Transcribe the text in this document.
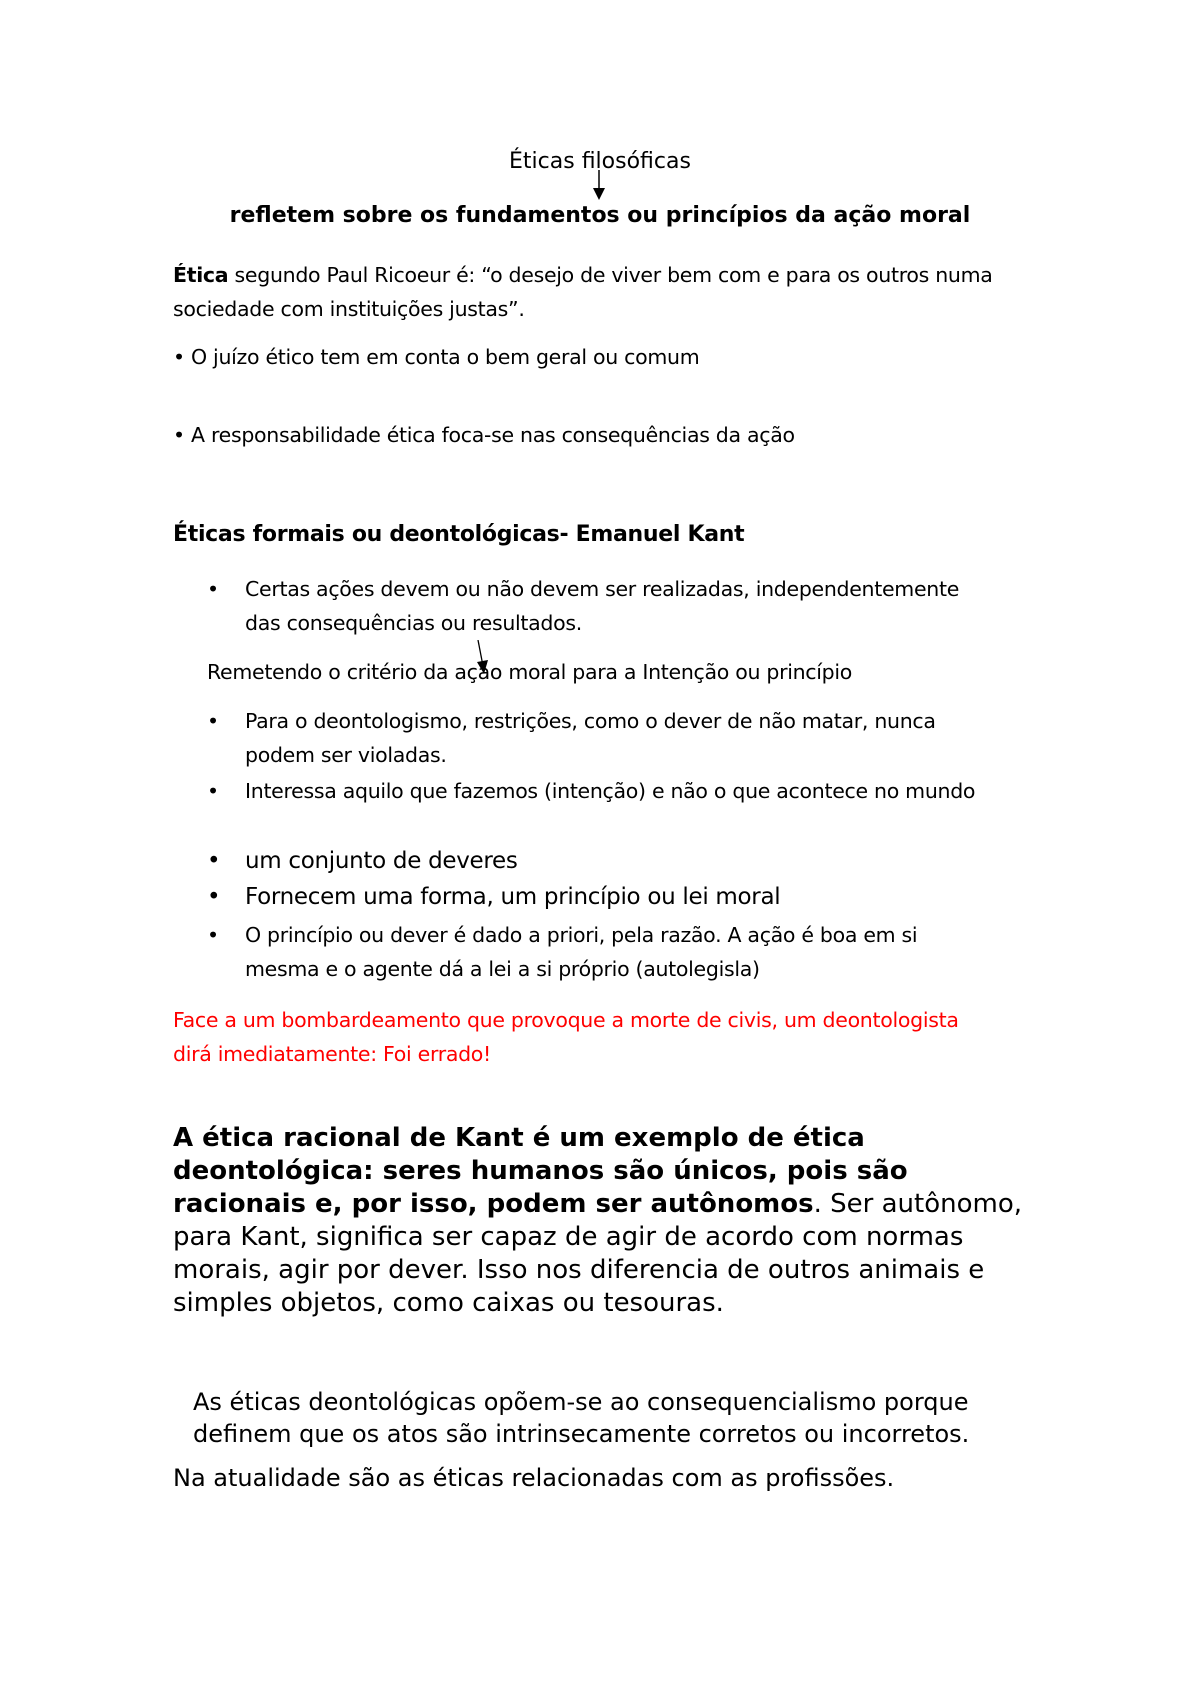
Éticas filosóficas
refletem sobre os fundamentos ou princípios da ação moral
Ética segundo Paul Ricoeur é: “o desejo de viver bem com e para os outros numa
sociedade com instituições justas”.
• O juízo ético tem em conta o bem geral ou comum
• A responsabilidade ética foca-se nas consequências da ação
Éticas formais ou deontológicas- Emanuel Kant
• Certas ações devem ou não devem ser realizadas, independentemente
das consequências ou resultados.
Remetendo o critério da ação moral para a Intenção ou princípio
• Para o deontologismo, restrições, como o dever de não matar, nunca
podem ser violadas.
• Interessa aquilo que fazemos (intenção) e não o que acontece no mundo
• um conjunto de deveres
• Fornecem uma forma, um princípio ou lei moral
• O princípio ou dever é dado a priori, pela razão. A ação é boa em si
mesma e o agente dá a lei a si próprio (autolegisla)
Face a um bombardeamento que provoque a morte de civis, um deontologista
dirá imediatamente: Foi errado!
A ética racional de Kant é um exemplo de ética
deontológica: seres humanos são únicos, pois são
racionais e, por isso, podem ser autônomos. Ser autônomo,
para Kant, significa ser capaz de agir de acordo com normas
morais, agir por dever. Isso nos diferencia de outros animais e
simples objetos, como caixas ou tesouras.
As éticas deontológicas opõem-se ao consequencialismo porque
definem que os atos são intrinsecamente corretos ou incorretos.
Na atualidade são as éticas relacionadas com as profissões.
